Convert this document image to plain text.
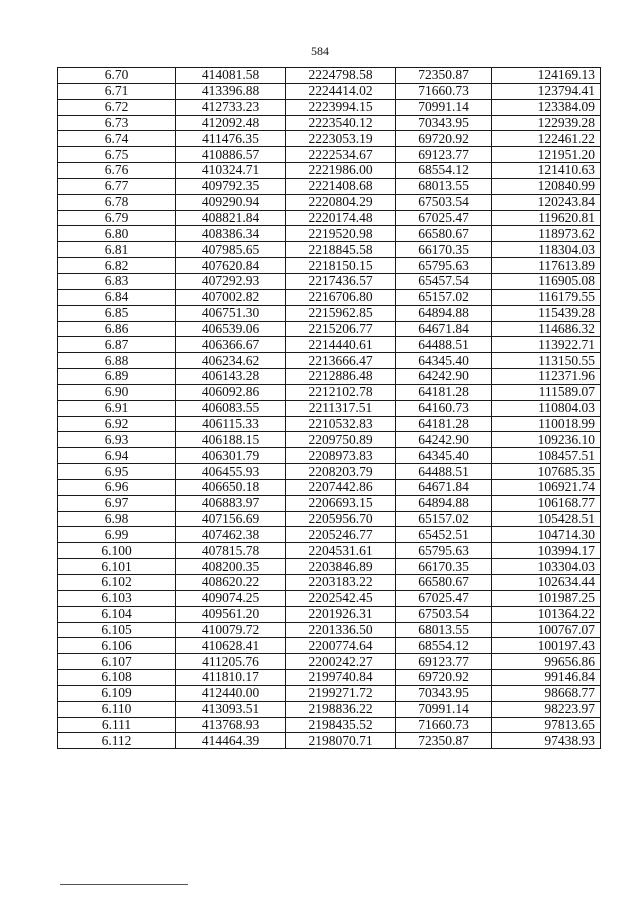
584
6.70	414081.58	2224798.58	72350.87	124169.13
6.71	413396.88	2224414.02	71660.73	123794.41
6.72	412733.23	2223994.15	70991.14	123384.09
6.73	412092.48	2223540.12	70343.95	122939.28
6.74	411476.35	2223053.19	69720.92	122461.22
6.75	410886.57	2222534.67	69123.77	121951.20
6.76	410324.71	2221986.00	68554.12	121410.63
6.77	409792.35	2221408.68	68013.55	120840.99
6.78	409290.94	2220804.29	67503.54	120243.84
6.79	408821.84	2220174.48	67025.47	119620.81
6.80	408386.34	2219520.98	66580.67	118973.62
6.81	407985.65	2218845.58	66170.35	118304.03
6.82	407620.84	2218150.15	65795.63	117613.89
6.83	407292.93	2217436.57	65457.54	116905.08
6.84	407002.82	2216706.80	65157.02	116179.55
6.85	406751.30	2215962.85	64894.88	115439.28
6.86	406539.06	2215206.77	64671.84	114686.32
6.87	406366.67	2214440.61	64488.51	113922.71
6.88	406234.62	2213666.47	64345.40	113150.55
6.89	406143.28	2212886.48	64242.90	112371.96
6.90	406092.86	2212102.78	64181.28	111589.07
6.91	406083.55	2211317.51	64160.73	110804.03
6.92	406115.33	2210532.83	64181.28	110018.99
6.93	406188.15	2209750.89	64242.90	109236.10
6.94	406301.79	2208973.83	64345.40	108457.51
6.95	406455.93	2208203.79	64488.51	107685.35
6.96	406650.18	2207442.86	64671.84	106921.74
6.97	406883.97	2206693.15	64894.88	106168.77
6.98	407156.69	2205956.70	65157.02	105428.51
6.99	407462.38	2205246.77	65452.51	104714.30
6.100	407815.78	2204531.61	65795.63	103994.17
6.101	408200.35	2203846.89	66170.35	103304.03
6.102	408620.22	2203183.22	66580.67	102634.44
6.103	409074.25	2202542.45	67025.47	101987.25
6.104	409561.20	2201926.31	67503.54	101364.22
6.105	410079.72	2201336.50	68013.55	100767.07
6.106	410628.41	2200774.64	68554.12	100197.43
6.107	411205.76	2200242.27	69123.77	99656.86
6.108	411810.17	2199740.84	69720.92	99146.84
6.109	412440.00	2199271.72	70343.95	98668.77
6.110	413093.51	2198836.22	70991.14	98223.97
6.111	413768.93	2198435.52	71660.73	97813.65
6.112	414464.39	2198070.71	72350.87	97438.93
